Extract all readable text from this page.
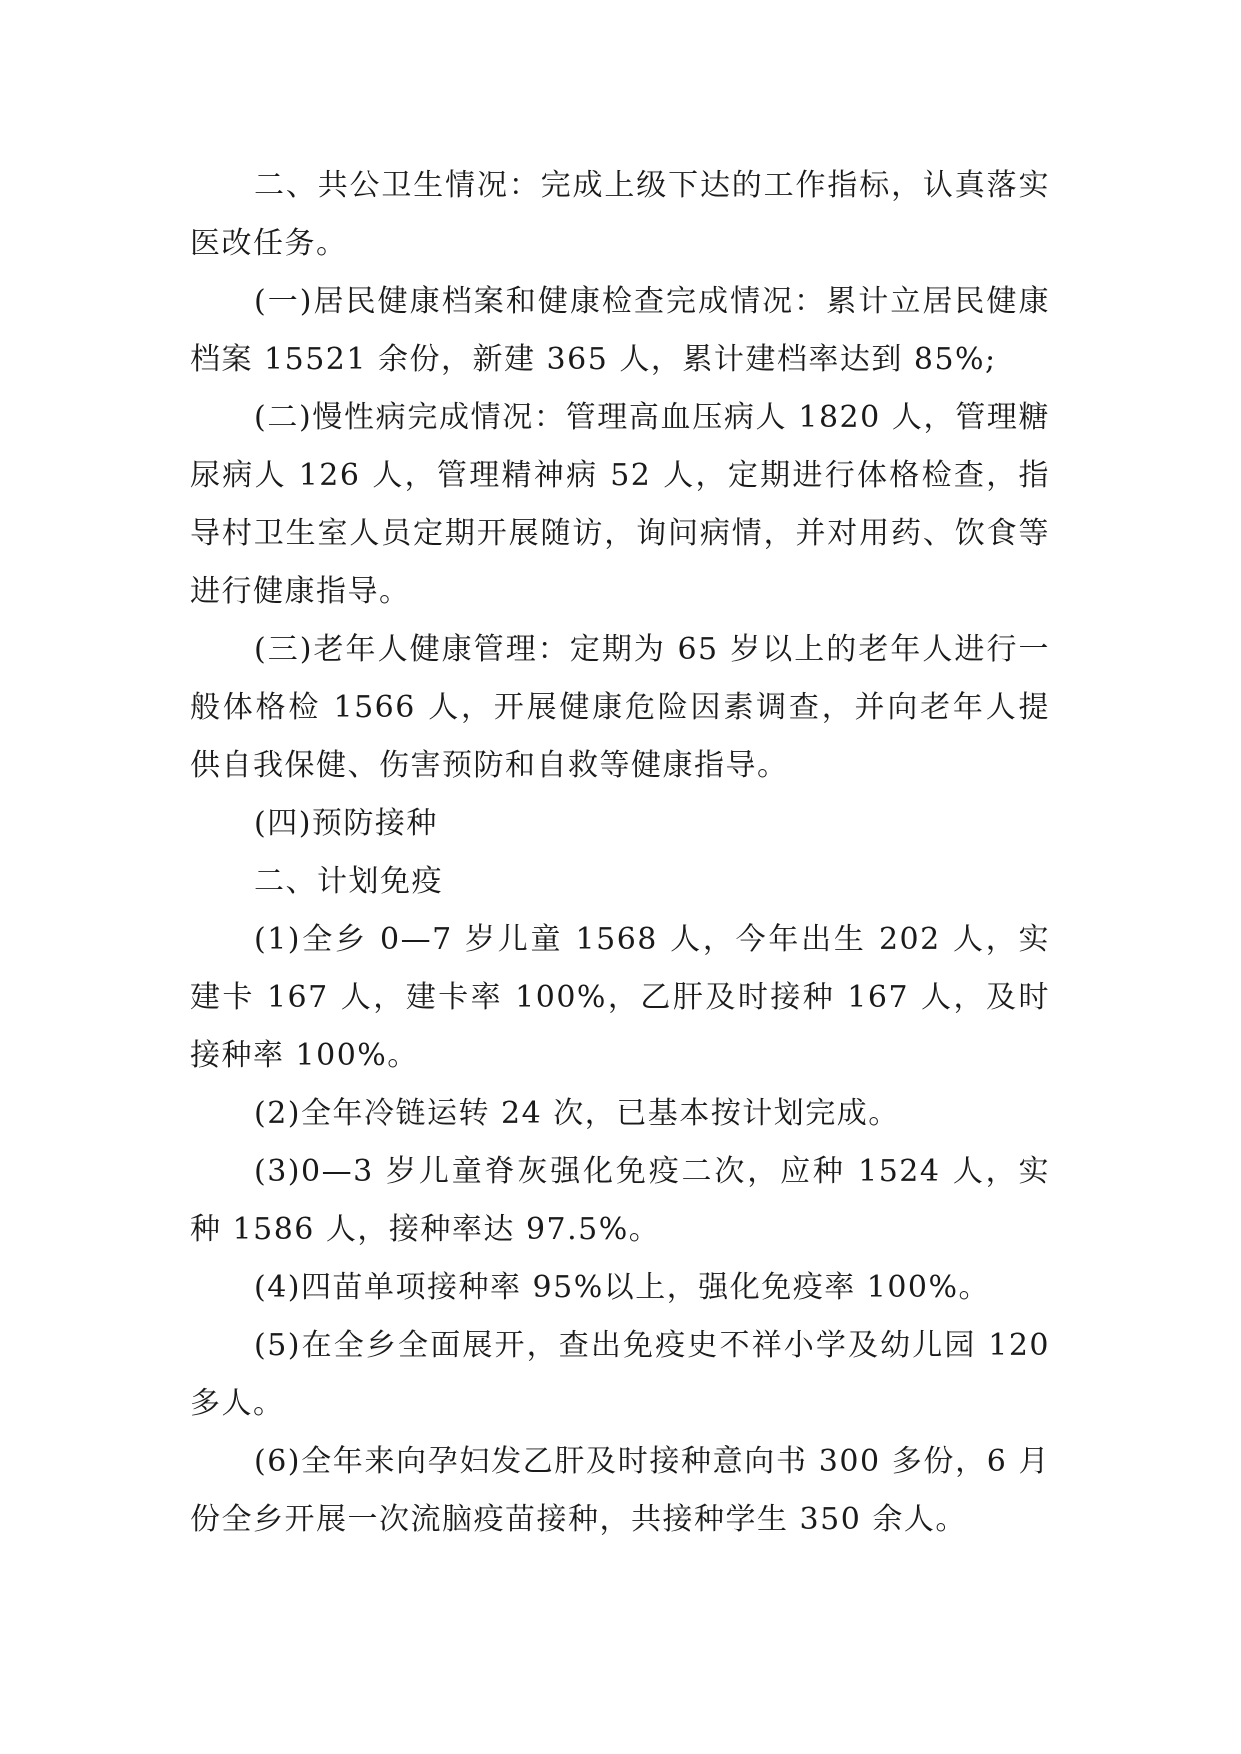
二、共公卫生情况：完成上级下达的工作指标，认真落实医改任务。

(一)居民健康档案和健康检查完成情况：累计立居民健康档案 15521 余份，新建 365 人，累计建档率达到 85%;

(二)慢性病完成情况：管理高血压病人 1820 人，管理糖尿病人 126 人，管理精神病 52 人，定期进行体格检查，指导村卫生室人员定期开展随访，询问病情，并对用药、饮食等进行健康指导。

(三)老年人健康管理：定期为 65 岁以上的老年人进行一般体格检 1566 人，开展健康危险因素调查，并向老年人提供自我保健、伤害预防和自救等健康指导。

(四)预防接种

二、计划免疫

(1)全乡 0—7 岁儿童 1568 人，今年出生 202 人，实建卡 167 人，建卡率 100%，乙肝及时接种 167 人，及时接种率 100%。

(2)全年冷链运转 24 次，已基本按计划完成。

(3)0—3 岁儿童脊灰强化免疫二次，应种 1524 人，实种 1586 人，接种率达 97.5%。

(4)四苗单项接种率 95%以上，强化免疫率 100%。

(5)在全乡全面展开，查出免疫史不祥小学及幼儿园 120 多人。

(6)全年来向孕妇发乙肝及时接种意向书 300 多份，6 月份全乡开展一次流脑疫苗接种，共接种学生 350 余人。
